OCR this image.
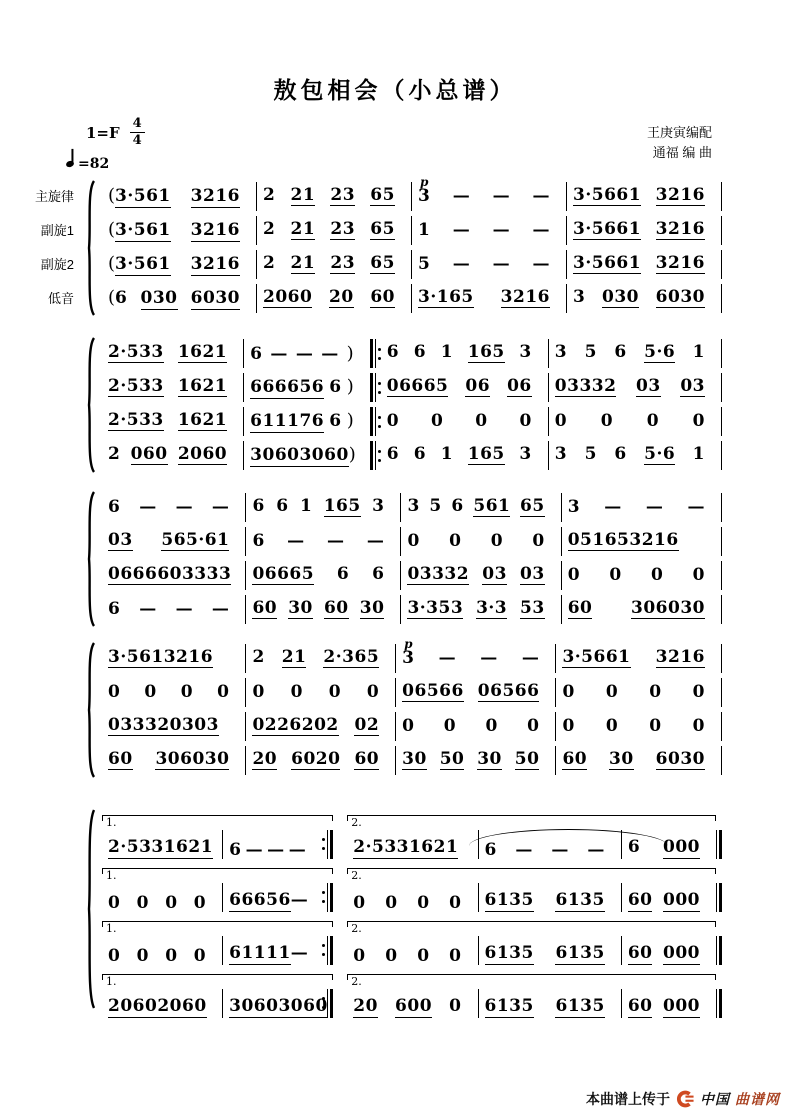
敖包相会（小总谱）
$1=F \frac{4}{4}$
=82
王庚寅编配
通福 编 曲
主旋律
副旋1
副旋2
低音
( 3·561 3216 2 21 23 65
p
3 — — — 3·5661 3216
( 3·561 3216 2 21 23 65 1 — — — 3·5661 3216
( 3·561 3216 2 21 23 65 5 — — — 3·5661 3216
( 6 030 6030 2060 20 60 3·165 3216 3 030 6030
2·533 1621 6 — — — ) 6 6 1 165 3 3 5 6 5·6 1
2·533 1621 666656 6 ) 06665 06 06 03332 03 03
2·533 1621 611176 6 ) 0 0 0 0 0 0 0 0
2 060 2060 30 603060 ) 6 6 1 165 3 3 5 6 5·6 1
6 — — — 6 6 1 165 3 3 5 6 561 65 3 — — —
03 565·61 6 — — — 0 0 0 0 051653216
0666603333 06665 6 6 03332 03 03 0 0 0 0
6 — — — 60 30 60 30 3·353 3·3 53 60 306030
3·5613216 2 21 2·365
p
3 — — — 3·5661 3216
0 0 0 0 0 0 0 0 06566 06566 0 0 0 0
033320303 0226202 02 0 0 0 0 0 0 0 0
60 306030 20 6020 60 30 50 30 50 60 30 6030
1.
2·5331621 6 — — —
2.
2·5331621 6 — — — 6 000
1.
0 0 0 0 66656 —
2.
0 0 0 0 6135 6135 60 000
1.
0 0 0 0 61111 —
2.
0 0 0 0 6135 6135 60 000
1.
20 602060 30603060
2.
20 600 0 6135 6135 60 000
本曲谱上传于 中国 曲谱网
